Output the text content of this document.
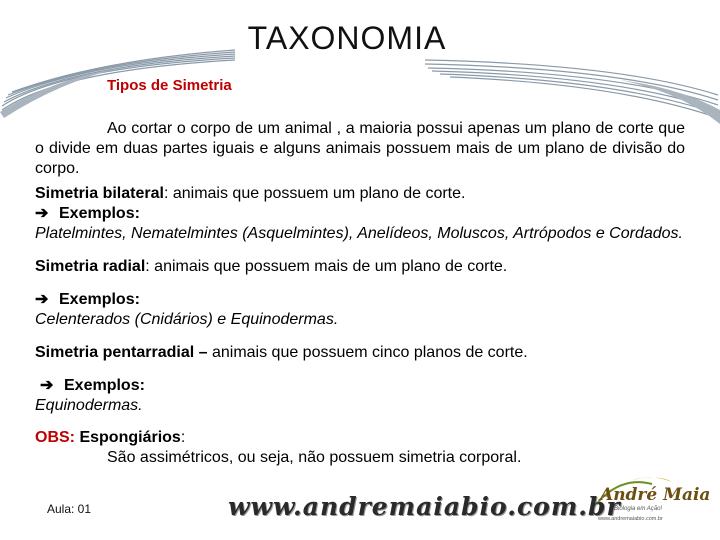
TAXONOMIA
Tipos de Simetria
Ao cortar o corpo de um animal , a maioria possui apenas um plano de corte que o divide em duas partes iguais e alguns animais possuem mais de um plano de divisão do corpo.
Simetria bilateral: animais que possuem um plano de corte.
➔ Exemplos:
Platelmintes, Nematelmintes (Asquelmintes), Anelídeos, Moluscos, Artrópodos e Cordados.
Simetria radial: animais que possuem mais de um plano de corte.
➔ Exemplos:
Celenterados (Cnidários) e Equinodermas.
Simetria pentarradial – animais que possuem cinco planos de corte.
➔ Exemplos:
Equinodermas.
OBS: Espongiários:
São assimétricos, ou seja, não possuem simetria corporal.
Aula: 01	www.andremaiabio.com.br
André Maia
Biologia em Ação!
www.andremaiabio.com.br
